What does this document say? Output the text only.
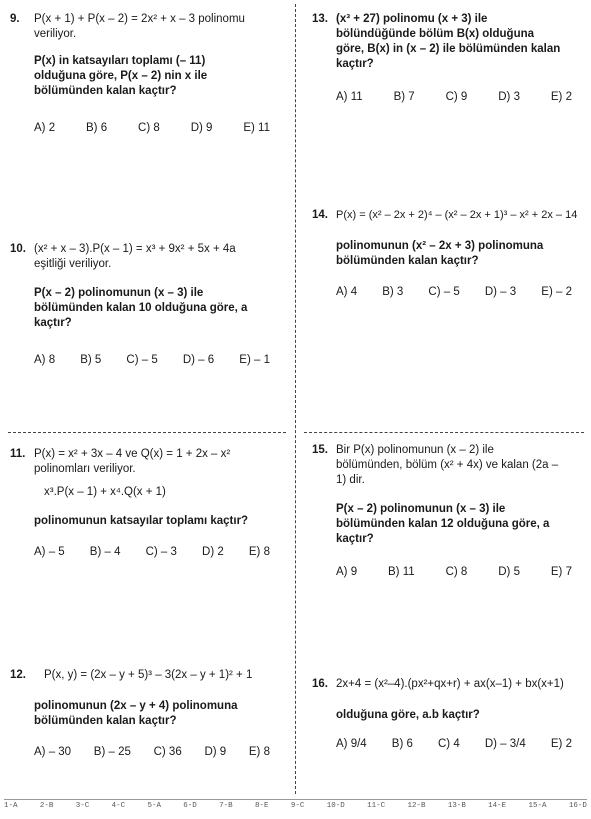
9. P(x + 1) + P(x – 2) = 2x² + x – 3 polinomu veriliyor.
P(x) in katsayıları toplamı (– 11) olduğuna göre, P(x – 2) nin x ile bölümünden kalan kaçtır?
A) 2	B) 6	C) 8	D) 9	E) 11
10. (x² + x – 3).P(x – 1) = x³ + 9x² + 5x + 4a eşitliği veriliyor.
P(x – 2) polinomunun (x – 3) ile bölümünden kalan 10 olduğuna göre, a kaçtır?
A) 8 B) 5 C) – 5 D) – 6 E) – 1
11. P(x) = x² + 3x – 4 ve Q(x) = 1 + 2x – x² polinomları veriliyor.
x³.P(x – 1) + x⁴.Q(x + 1)
polinomunun katsayılar toplamı kaçtır?
A) – 5 B) – 4 C) – 3 D) 2 E) 8
12. P(x, y) = (2x – y + 5)³ – 3(2x – y + 1)² + 1
polinomunun (2x – y + 4) polinomuna bölümünden kalan kaçtır?
A) – 30 B) – 25 C) 36 D) 9 E) 8
13. (x³ + 27) polinomu (x + 3) ile bölündüğünde bölüm B(x) olduğuna göre, B(x) in (x – 2) ile bölümünden kalan kaçtır?
A) 11	B) 7	C) 9	D) 3	E) 2
14. P(x) = (x² – 2x + 2)⁴ – (x² – 2x + 1)³ – x² + 2x – 14
polinomunun (x² – 2x + 3) polinomuna bölümünden kalan kaçtır?
A) 4 B) 3 C) – 5 D) – 3 E) – 2
15. Bir P(x) polinomunun (x – 2) ile bölümünden, bölüm (x² + 4x) ve kalan (2a – 1) dir.
P(x – 2) polinomunun (x – 3) ile bölümünden kalan 12 olduğuna göre, a kaçtır?
A) 9	B) 11	C) 8	D) 5	E) 7
16. 2x+4 = (x²–4).(px²+qx+r) + ax(x–1) + bx(x+1)
olduğuna göre, a.b kaçtır?
A) 9/4 B) 6 C) 4 D) – 3/4 E) 2
1-A	2-B	3-C	4-C	5-A	6-D	7-B	8-E	9-C	10-D	11-C	12-B	13-B	14-E	15-A	16-D
